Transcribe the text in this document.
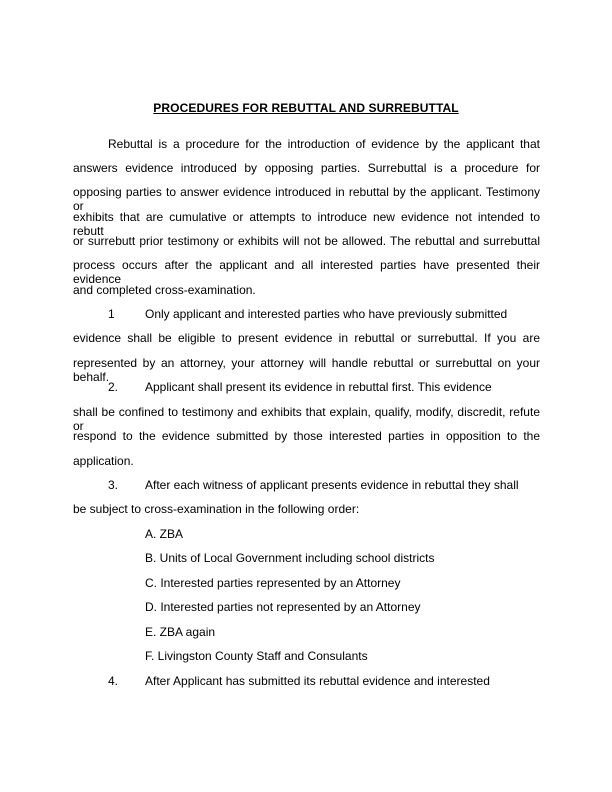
PROCEDURES FOR REBUTTAL AND SURREBUTTAL
Rebuttal is a procedure for the introduction of evidence by the applicant that
answers evidence introduced by opposing parties. Surrebuttal is a procedure for
opposing parties to answer evidence introduced in rebuttal by the applicant. Testimony or
exhibits that are cumulative or attempts to introduce new evidence not intended to rebutt
or surrebutt prior testimony or exhibits will not be allowed. The rebuttal and surrebuttal
process occurs after the applicant and all interested parties have presented their evidence
and completed cross-examination.
1	Only applicant and interested parties who have previously submitted
evidence shall be eligible to present evidence in rebuttal or surrebuttal. If you are
represented by an attorney, your attorney will handle rebuttal or surrebuttal on your behalf.
2. Applicant shall present its evidence in rebuttal first. This evidence
shall be confined to testimony and exhibits that explain, qualify, modify, discredit, refute or
respond to the evidence submitted by those interested parties in opposition to the
application.
3. After each witness of applicant presents evidence in rebuttal they shall
be subject to cross-examination in the following order:
A. ZBA
B. Units of Local Government including school districts
C. Interested parties represented by an Attorney
D. Interested parties not represented by an Attorney
E. ZBA again
F. Livingston County Staff and Consulants
4. After Applicant has submitted its rebuttal evidence and interested
